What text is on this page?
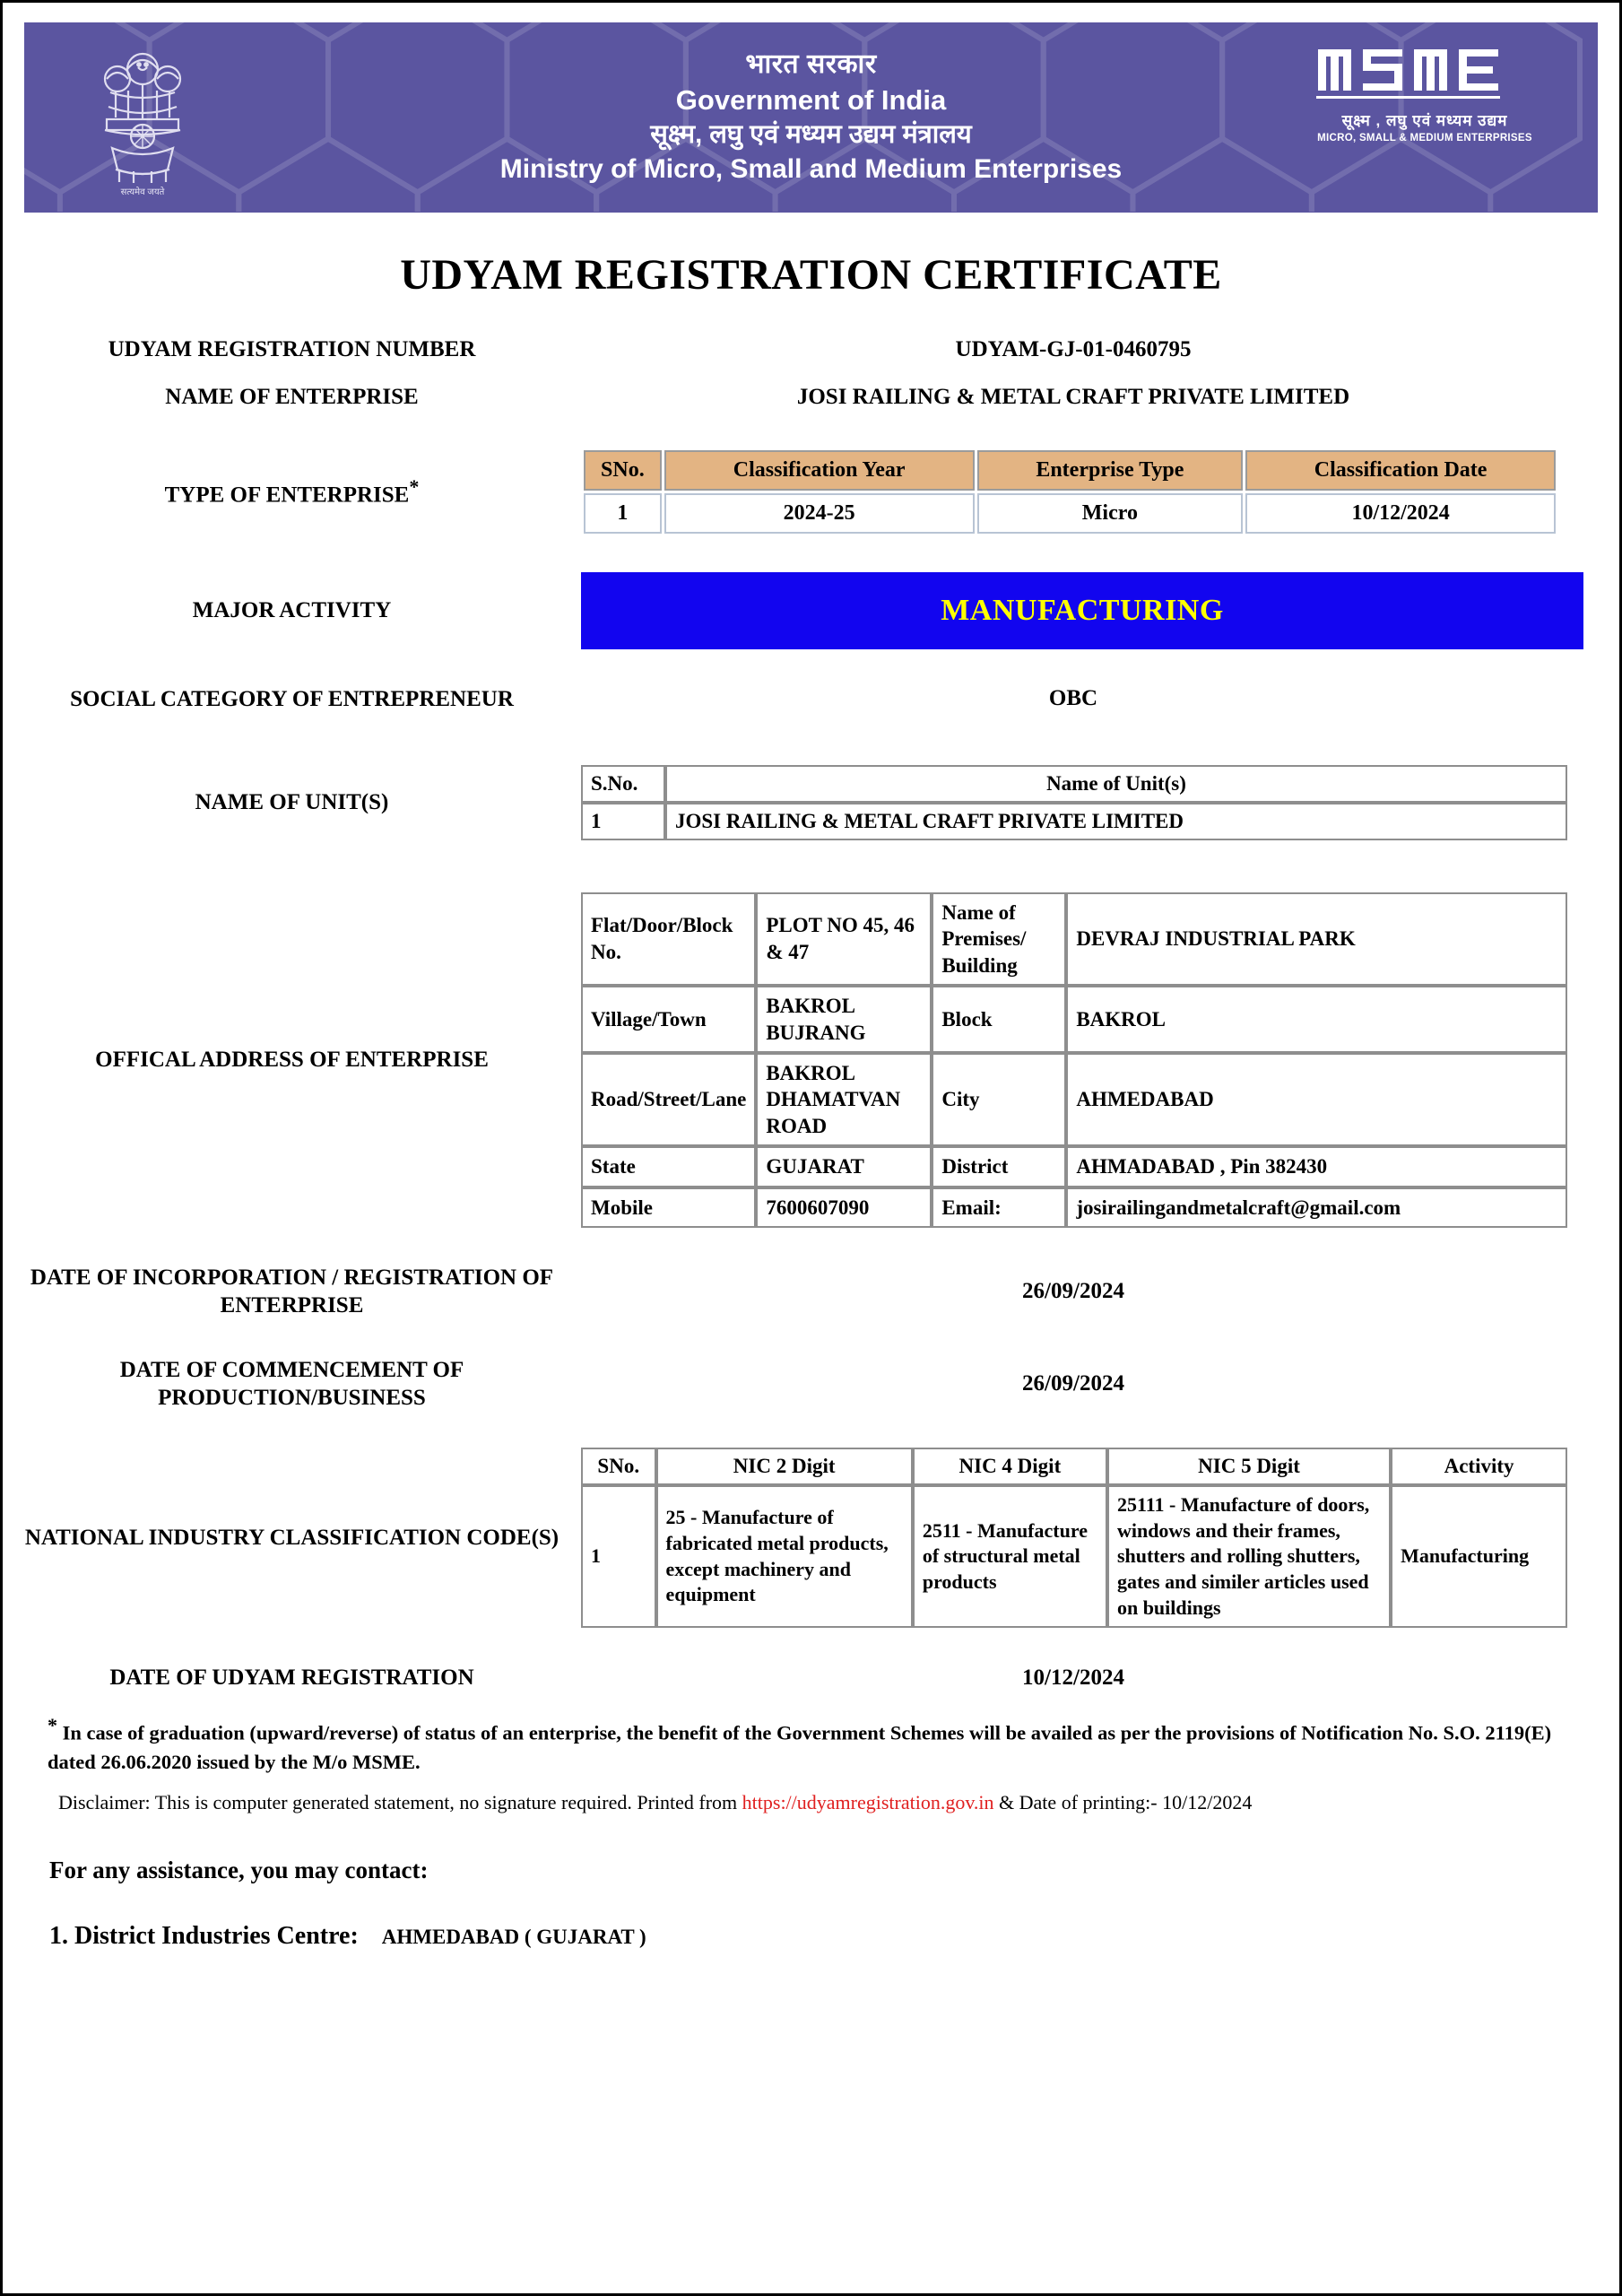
सत्यमेव जयते
भारत सरकार
Government of India
सूक्ष्म, लघु एवं मध्यम उद्यम मंत्रालय
Ministry of Micro, Small and Medium Enterprises
सूक्ष्म , लघु एवं मध्यम उद्यम
MICRO, SMALL & MEDIUM ENTERPRISES
UDYAM REGISTRATION CERTIFICATE
UDYAM REGISTRATION NUMBER	UDYAM-GJ-01-0460795
NAME OF ENTERPRISE	JOSI RAILING & METAL CRAFT PRIVATE LIMITED
TYPE OF ENTERPRISE*
SNo.	Classification Year	Enterprise Type	Classification Date
1	2024-25	Micro	10/12/2024
MAJOR ACTIVITY	MANUFACTURING
SOCIAL CATEGORY OF ENTREPRENEUR	OBC
NAME OF UNIT(S)
S.No.	Name of Unit(s)
1	JOSI RAILING & METAL CRAFT PRIVATE LIMITED
OFFICAL ADDRESS OF ENTERPRISE
Flat/Door/Block No.	PLOT NO 45, 46 & 47	Name of Premises/ Building	DEVRAJ INDUSTRIAL PARK
Village/Town	BAKROL BUJRANG	Block	BAKROL
Road/Street/Lane	BAKROL DHAMATVAN ROAD	City	AHMEDABAD
State	GUJARAT	District	AHMADABAD , Pin 382430
Mobile	7600607090	Email:	josirailingandmetalcraft@gmail.com
DATE OF INCORPORATION / REGISTRATION OF ENTERPRISE
26/09/2024
DATE OF COMMENCEMENT OF PRODUCTION/BUSINESS
26/09/2024
NATIONAL INDUSTRY CLASSIFICATION CODE(S)
SNo.	NIC 2 Digit	NIC 4 Digit	NIC 5 Digit	Activity
1	25 - Manufacture of fabricated metal products, except machinery and equipment	2511 - Manufacture of structural metal products	25111 - Manufacture of doors, windows and their frames, shutters and rolling shutters, gates and similer articles used on buildings	Manufacturing
DATE OF UDYAM REGISTRATION	10/12/2024
* In case of graduation (upward/reverse) of status of an enterprise, the benefit of the Government Schemes will be availed as per the provisions of Notification No. S.O. 2119(E) dated 26.06.2020 issued by the M/o MSME.
Disclaimer: This is computer generated statement, no signature required. Printed from https://udyamregistration.gov.in & Date of printing:- 10/12/2024
For any assistance, you may contact:
1. District Industries Centre: AHMEDABAD ( GUJARAT )
